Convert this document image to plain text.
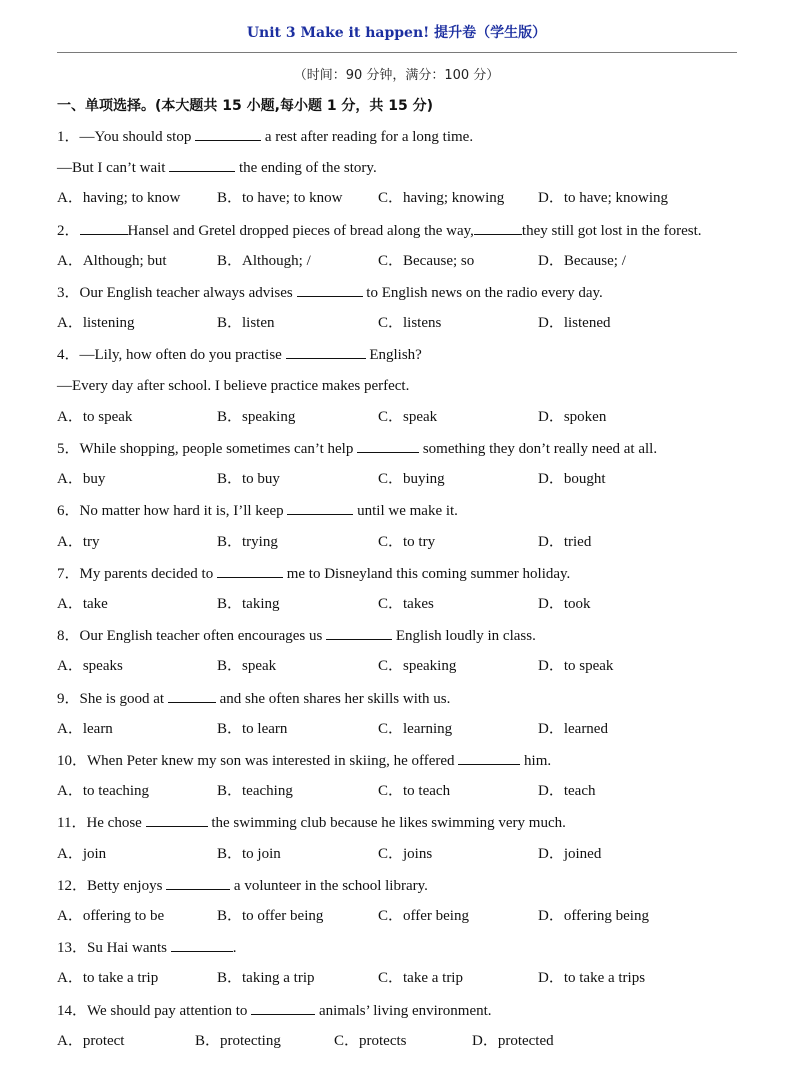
Unit 3 Make it happen! 提升卷（学生版）
（时间：90 分钟，满分：100 分）
一、单项选择。(本大题共 15 小题,每小题 1 分，共 15 分)
1．—You should stop	a rest after reading for a long time.
—But I can’t wait	the ending of the story.
A．having; to know B．to have; to know C．having; knowing D．to have; knowing
2．	Hansel and Gretel dropped pieces of bread along the way,	they still got lost in the forest.
A．Although; but	B．Although; /	C．Because; so	D．Because; /
3．Our English teacher always advises	to English news on the radio every day.
A．listening	B．listen	C．listens	D．listened
4．—Lily, how often do you practise	English?
—Every day after school. I believe practice makes perfect.
A．to speak	B．speaking	C．speak	D．spoken
5．While shopping, people sometimes can’t help	something they don’t really need at all.
A．buy	B．to buy	C．buying	D．bought
6．No matter how hard it is, I’ll keep	until we make it.
A．try	B．trying	C．to try	D．tried
7．My parents decided to	me to Disneyland this coming summer holiday.
A．take	B．taking	C．takes	D．took
8．Our English teacher often encourages us	English loudly in class.
A．speaks	B．speak	C．speaking	D．to speak
9．She is good at	and she often shares her skills with us.
A．learn	B．to learn	C．learning	D．learned
10．When Peter knew my son was interested in skiing, he offered	him.
A．to teaching	B．teaching	C．to teach	D．teach
11．He chose	the swimming club because he likes swimming very much.
A．join	B．to join	C．joins	D．joined
12．Betty enjoys	a volunteer in the school library.
A．offering to be	B．to offer being	C．offer being	D．offering being
13．Su Hai wants	.
A．to take a trip	B．taking a trip	C．take a trip	D．to take a trips
14．We should pay attention to	animals’ living environment.
A．protect	B．protecting	C．protects	D．protected
